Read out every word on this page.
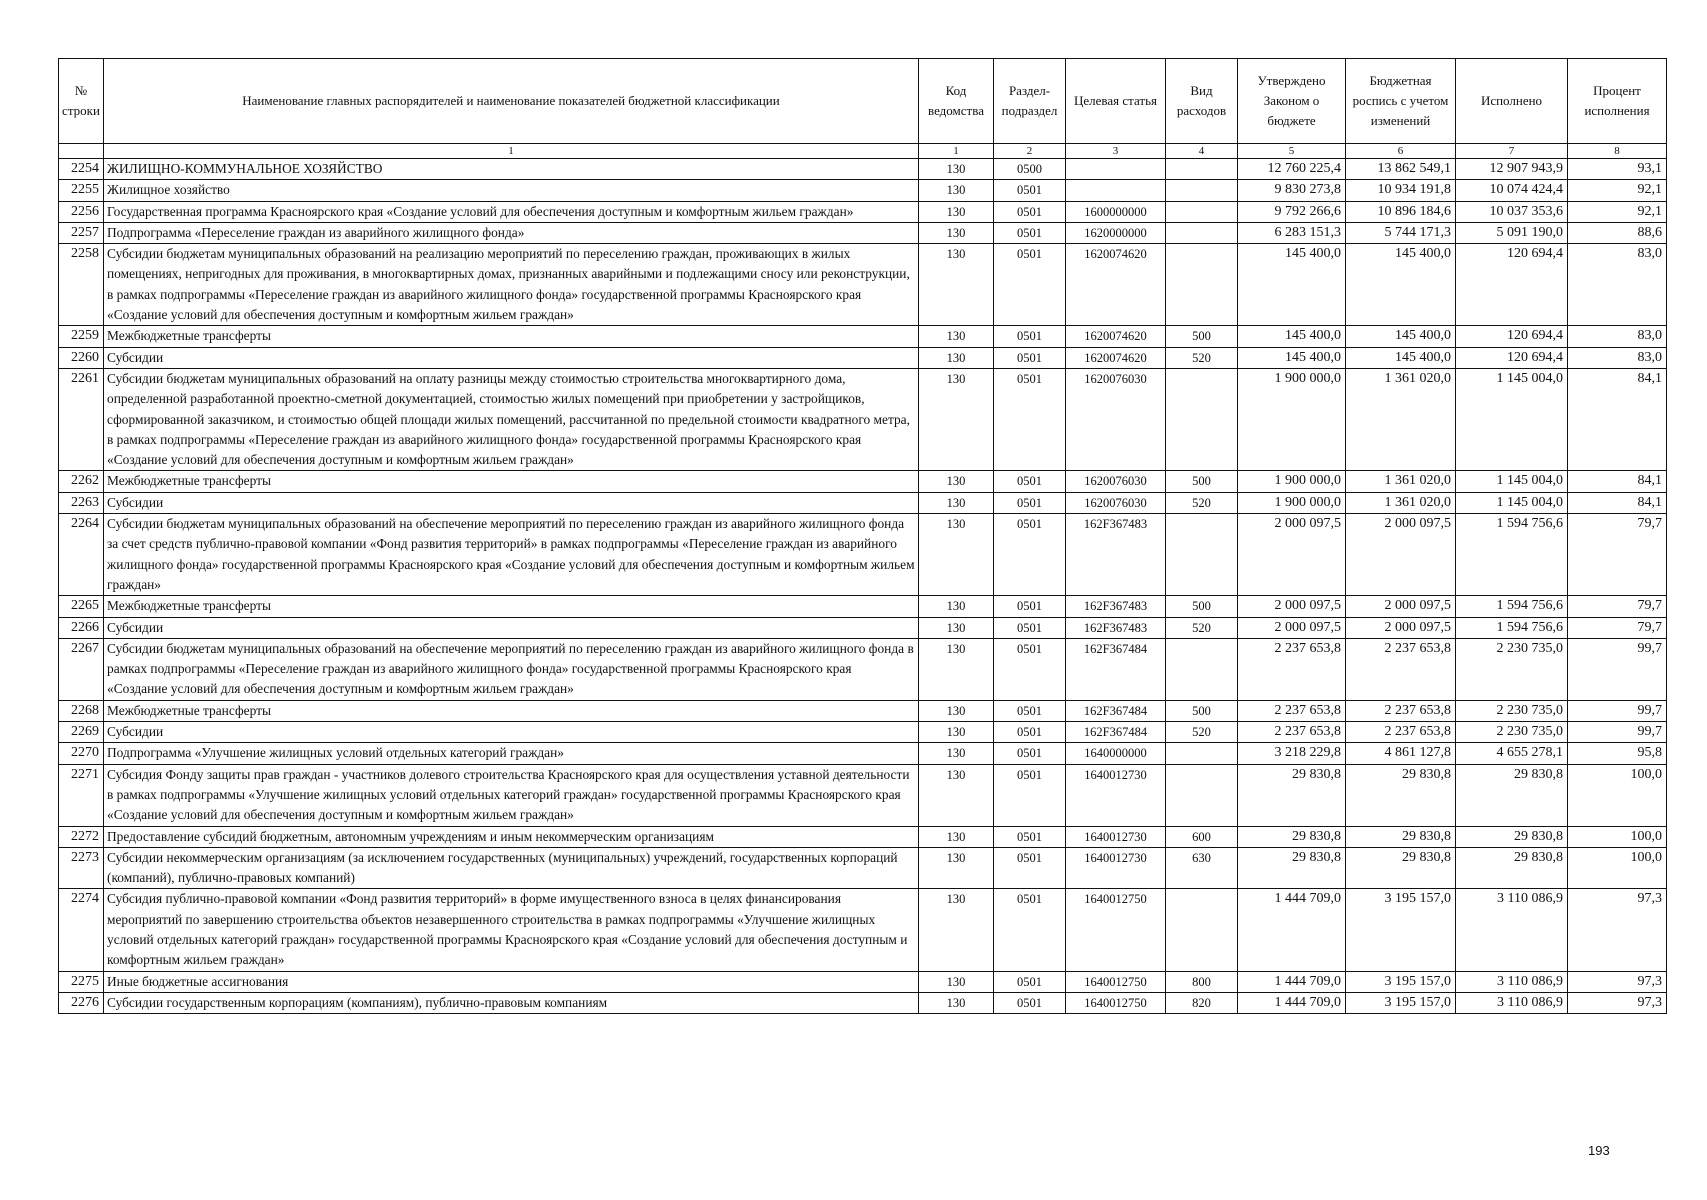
№ строки	Наименование главных распорядителей и наименование показателей бюджетной классификации	Код ведомства	Раздел- подраздел	Целевая статья	Вид расходов	Утверждено Законом о бюджете	Бюджетная роспись с учетом изменений	Исполнено	Процент исполнения
	1	1	2	3	4	5	6	7	8
2254	ЖИЛИЩНО-КОММУНАЛЬНОЕ ХОЗЯЙСТВО	130	0500			12 760 225,4	13 862 549,1	12 907 943,9	93,1
2255	Жилищное хозяйство	130	0501			9 830 273,8	10 934 191,8	10 074 424,4	92,1
2256	Государственная программа Красноярского края «Создание условий для обеспечения доступным и комфортным жильем граждан»	130	0501	1600000000		9 792 266,6	10 896 184,6	10 037 353,6	92,1
2257	Подпрограмма «Переселение граждан из аварийного жилищного фонда»	130	0501	1620000000		6 283 151,3	5 744 171,3	5 091 190,0	88,6
2258	Субсидии бюджетам муниципальных образований на реализацию мероприятий по переселению граждан, проживающих в жилых помещениях, непригодных для проживания, в многоквартирных домах, признанных аварийными и подлежащими сносу или реконструкции, в рамках подпрограммы «Переселение граждан из аварийного жилищного фонда» государственной программы Красноярского края «Создание условий для обеспечения доступным и комфортным жильем граждан»	130	0501	1620074620		145 400,0	145 400,0	120 694,4	83,0
2259	Межбюджетные трансферты	130	0501	1620074620	500	145 400,0	145 400,0	120 694,4	83,0
2260	Субсидии	130	0501	1620074620	520	145 400,0	145 400,0	120 694,4	83,0
2261	Субсидии бюджетам муниципальных образований на оплату разницы между стоимостью строительства многоквартирного дома, определенной разработанной проектно-сметной документацией, стоимостью жилых помещений при приобретении у застройщиков, сформированной заказчиком, и стоимостью общей площади жилых помещений, рассчитанной по предельной стоимости квадратного метра, в рамках подпрограммы «Переселение граждан из аварийного жилищного фонда» государственной программы Красноярского края «Создание условий для обеспечения доступным и комфортным жильем граждан»	130	0501	1620076030		1 900 000,0	1 361 020,0	1 145 004,0	84,1
2262	Межбюджетные трансферты	130	0501	1620076030	500	1 900 000,0	1 361 020,0	1 145 004,0	84,1
2263	Субсидии	130	0501	1620076030	520	1 900 000,0	1 361 020,0	1 145 004,0	84,1
2264	Субсидии бюджетам муниципальных образований на обеспечение мероприятий по переселению граждан из аварийного жилищного фонда за счет средств публично-правовой компании «Фонд развития территорий» в рамках подпрограммы «Переселение граждан из аварийного жилищного фонда» государственной программы Красноярского края «Создание условий для обеспечения доступным и комфортным жильем граждан»	130	0501	162F367483		2 000 097,5	2 000 097,5	1 594 756,6	79,7
2265	Межбюджетные трансферты	130	0501	162F367483	500	2 000 097,5	2 000 097,5	1 594 756,6	79,7
2266	Субсидии	130	0501	162F367483	520	2 000 097,5	2 000 097,5	1 594 756,6	79,7
2267	Субсидии бюджетам муниципальных образований на обеспечение мероприятий по переселению граждан из аварийного жилищного фонда в рамках подпрограммы «Переселение граждан из аварийного жилищного фонда» государственной программы Красноярского края «Создание условий для обеспечения доступным и комфортным жильем граждан»	130	0501	162F367484		2 237 653,8	2 237 653,8	2 230 735,0	99,7
2268	Межбюджетные трансферты	130	0501	162F367484	500	2 237 653,8	2 237 653,8	2 230 735,0	99,7
2269	Субсидии	130	0501	162F367484	520	2 237 653,8	2 237 653,8	2 230 735,0	99,7
2270	Подпрограмма «Улучшение жилищных условий отдельных категорий граждан»	130	0501	1640000000		3 218 229,8	4 861 127,8	4 655 278,1	95,8
2271	Субсидия Фонду защиты прав граждан - участников долевого строительства Красноярского края для осуществления уставной деятельности в рамках подпрограммы «Улучшение жилищных условий отдельных категорий граждан» государственной программы Красноярского края «Создание условий для обеспечения доступным и комфортным жильем граждан»	130	0501	1640012730		29 830,8	29 830,8	29 830,8	100,0
2272	Предоставление субсидий бюджетным, автономным учреждениям и иным некоммерческим организациям	130	0501	1640012730	600	29 830,8	29 830,8	29 830,8	100,0
2273	Субсидии некоммерческим организациям (за исключением государственных (муниципальных) учреждений, государственных корпораций (компаний), публично-правовых компаний)	130	0501	1640012730	630	29 830,8	29 830,8	29 830,8	100,0
2274	Субсидия публично-правовой компании «Фонд развития территорий» в форме имущественного взноса в целях финансирования мероприятий по завершению строительства объектов незавершенного строительства в рамках подпрограммы «Улучшение жилищных условий отдельных категорий граждан» государственной программы Красноярского края «Создание условий для обеспечения доступным и комфортным жильем граждан»	130	0501	1640012750		1 444 709,0	3 195 157,0	3 110 086,9	97,3
2275	Иные бюджетные ассигнования	130	0501	1640012750	800	1 444 709,0	3 195 157,0	3 110 086,9	97,3
2276	Субсидии государственным корпорациям (компаниям), публично-правовым компаниям	130	0501	1640012750	820	1 444 709,0	3 195 157,0	3 110 086,9	97,3
193
